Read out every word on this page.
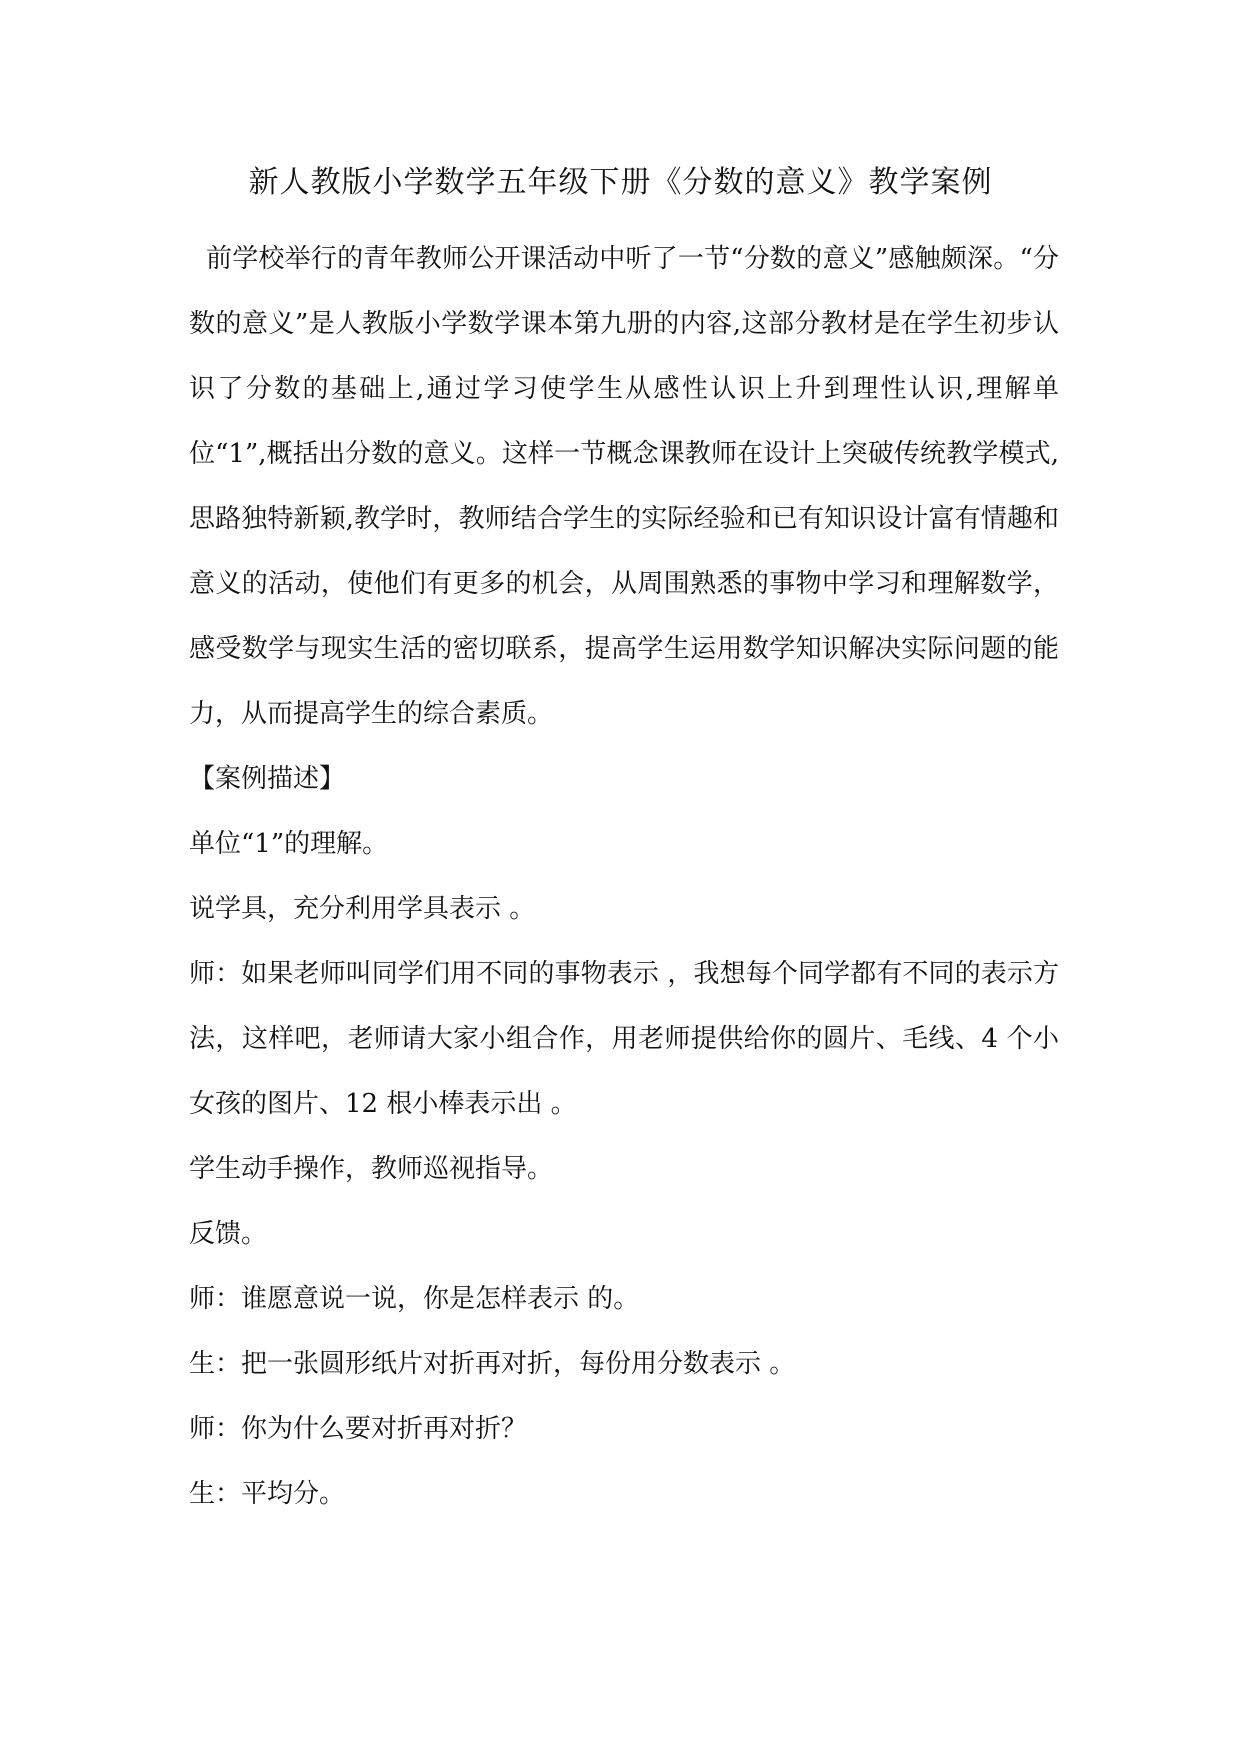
新人教版小学数学五年级下册《分数的意义》教学案例

前学校举行的青年教师公开课活动中听了一节“分数的意义”感触颇深。“分数的意义”是人教版小学数学课本第九册的内容,这部分教材是在学生初步认识了分数的基础上,通过学习使学生从感性认识上升到理性认识,理解单位“1”,概括出分数的意义。这样一节概念课教师在设计上突破传统教学模式,思路独特新颖,教学时，教师结合学生的实际经验和已有知识设计富有情趣和意义的活动，使他们有更多的机会，从周围熟悉的事物中学习和理解数学，感受数学与现实生活的密切联系，提高学生运用数学知识解决实际问题的能力，从而提高学生的综合素质。

【案例描述】

单位“1”的理解。

说学具，充分利用学具表示 。

师：如果老师叫同学们用不同的事物表示 ，我想每个同学都有不同的表示方法，这样吧，老师请大家小组合作，用老师提供给你的圆片、毛线、4 个小女孩的图片、12 根小棒表示出 。

学生动手操作，教师巡视指导。

反馈。

师：谁愿意说一说，你是怎样表示 的。

生：把一张圆形纸片对折再对折，每份用分数表示 。

师：你为什么要对折再对折？

生：平均分。
